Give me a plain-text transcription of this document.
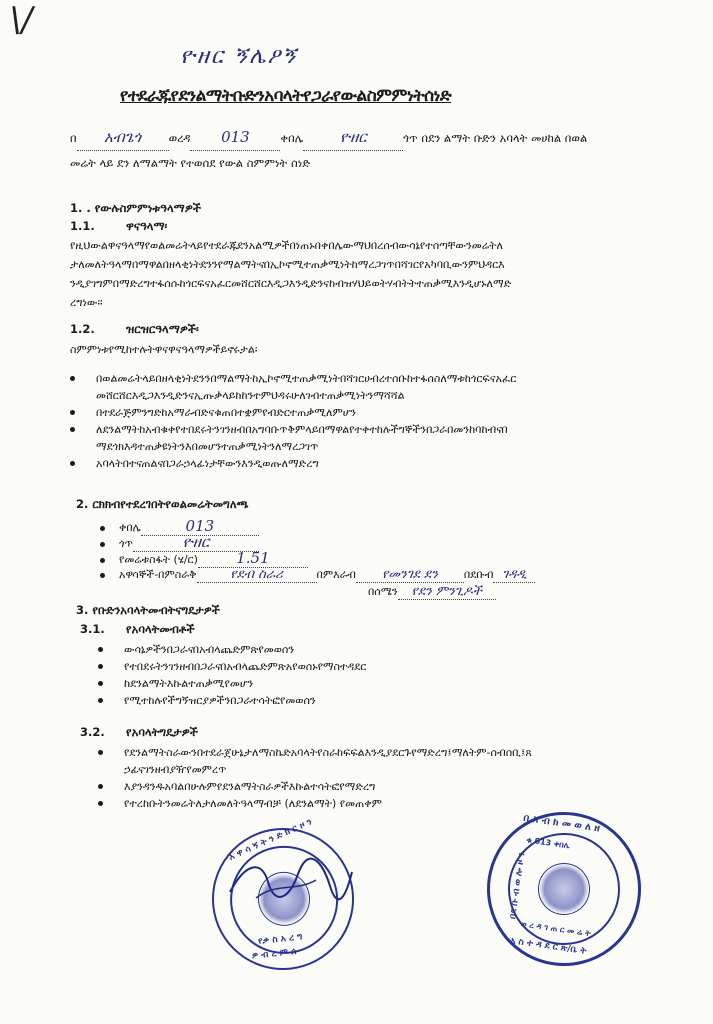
\/
ዮዘር ኝሌዖኝ
የተደራጁየደንልማትቡድንአባላትየጋራየውልስምምነትሰነድ
በ አብጌጎ ወረዳ 013	ቀበሌ ዮዘር	ጎጥ በደን ልማት ቡድን አባላት መሀከል በወል
መሬት ላይ ደን ለማልማት የተወሰደ የውል ስምምነት ሰነድ
1. . የውሉስምምነቱዓላማዎች
1.1.	ዋናዓላማ፡
የዚህውልዋናዓላማየወልመሬትላይየተደራጁደንአልሚዎችበነጠኑበቀበሌውማህበረሰብውሳኔየተሰጣቸውንመሬትለ
ታለመለትዓላማበማዋልበዘላቂነትደንንየማልማትናበኢኮኖሚተጠቃሚነትከማረጋገጥበሻገርየአካባቢውንምህዳርእ
ንዲያገግምበማድረግተፋሰሱከጎርፍናአፈርመሸርሸርእዲጋእንዲድንናከብዝሃህይወትሃብትትተጠቃሚእንዲሆኑለማድ
ረግነው፡፡
1.2.	ዝርዝርዓላማዎች፡
ስምምነቱየሚከተሉትዋናዋናዓላማዎችይኖሩታል፡
በወልመሬትላይበዘላቂነትደንንበማልማትከኢኮኖሚተጠቃሚነትበሻገርሀብረተሰቡከተፋሰስለማቱከጎርፍናአፈር
መሸርሸርእዲጋእንዲድንናኢጡቃላይከከንተምህዳሩሁለገብተጠቃሚነትንማሻሻል
በተደራጅምንግድከአማራብድናቁጠበተቋምየብድርተጠቃሚለምሆን
ለደንልማትከአብቁቀየተበደሩትንገንዘብበአግባቡጥቅምላይበማዋልየተቀተከሉችግኞችንበጋራበመንከባከብናበ
ማደጎክእዳተጠቃዩነትንእበመሆንተጠቃሚነትንለማረጋገጥ
አባላትበተናጠልናበጋራኃላፊነታቸውንእንዲወጡለማድረግ
2. ርክክብየተደረገበትየወልመሬትመግለጫ
ቀበሌ	013
ጎጥ	ዮዘር
የመሬቱስፋት (ሄ/ር)	1.51
አዋሳኞች-በምስራቅ	የደብ ስራሪ	በምእራብ የመንገደ ደን በደቡብ ገዳዲ
በሰሜን የደን ምንጊዶች
3. የቡድንአባላትመብትናግዴታዎች
3.1. የአባላትመብቶች
ውሳኔዎችንበጋራናበአብላጨድምጽየመወሰን
የተበደሩትንገንዘብበጋራናበአብላጨድምጽአየወሰኑየማስተዳደር
ከደንልማትእኩልተጠቃሚየመሆን
የሚተከሉየችግኝዝርያዎችንበጋራተሳትፎየመወሰን
3.2. የአባላትግዴታዎች
የደንልማትስራውንበተደራጀሁኔታለማስኬድአባላትየስራከፍፍልእንዲያደርጉየማድረግ፤ማለትም-ሰብሰቢ፤ጸ
ኃፊናገንዘብያዥየመምረጥ
እያንዳንዱአባልበሁሉምየደንልማትስራዎችእኩልተሳትፎየማድረግ
የተረከቡትንመሬትለታለመለትዓላማብቻ (ለደንልማት) የመጠቀም
አ ዋ ሳ ኝ ት ን ድ ክ ር ዞ ን
የቃ ስ አ ረ ግ
ዎ ብ ረ ም ሰ
በ አ ብ ክ መ ወ ለ ዘ
ቁ 013 ቀበሌ
በደ ቡ ብ ወ ሎ ዞ ን
ወ ረ ዳ ገ ጠ ር መ ሬ ት
አ ስ ተ ዳ ደ ር ጽ/ቤ ት
